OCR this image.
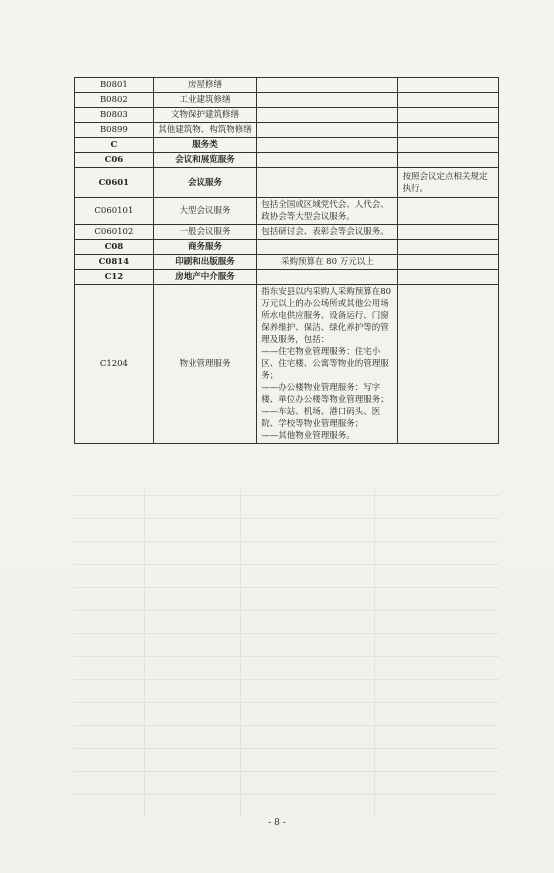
B0801	房屋修缮		
B0802	工业建筑修缮		
B0803	文物保护建筑修缮		
B0899	其他建筑物、构筑物修缮		
C	服务类		
C06	会议和展览服务		
C0601	会议服务		按照会议定点相关规定执行。
C060101	大型会议服务	包括全国或区域党代会、人代会、政协会等大型会议服务。	
C060102	一般会议服务	包括研讨会、表彰会等会议服务。	
C08	商务服务		
C0814	印刷和出版服务	采购预算在 80 万元以上	
C12	房地产中介服务		
C1204	物业管理服务	指东安县以内采购人采购预算在80万元以上的办公场所或其他公用场所水电供应服务、设备运行、门窗保养维护、保洁、绿化养护等的管理及服务，包括：
——住宅物业管理服务：住宅小区、住宅楼、公寓等物业的管理服务；
——办公楼物业管理服务：写字楼、单位办公楼等物业管理服务；
——车站、机场、港口码头、医院、学校等物业管理服务；
——其他物业管理服务。	

- 8 -
